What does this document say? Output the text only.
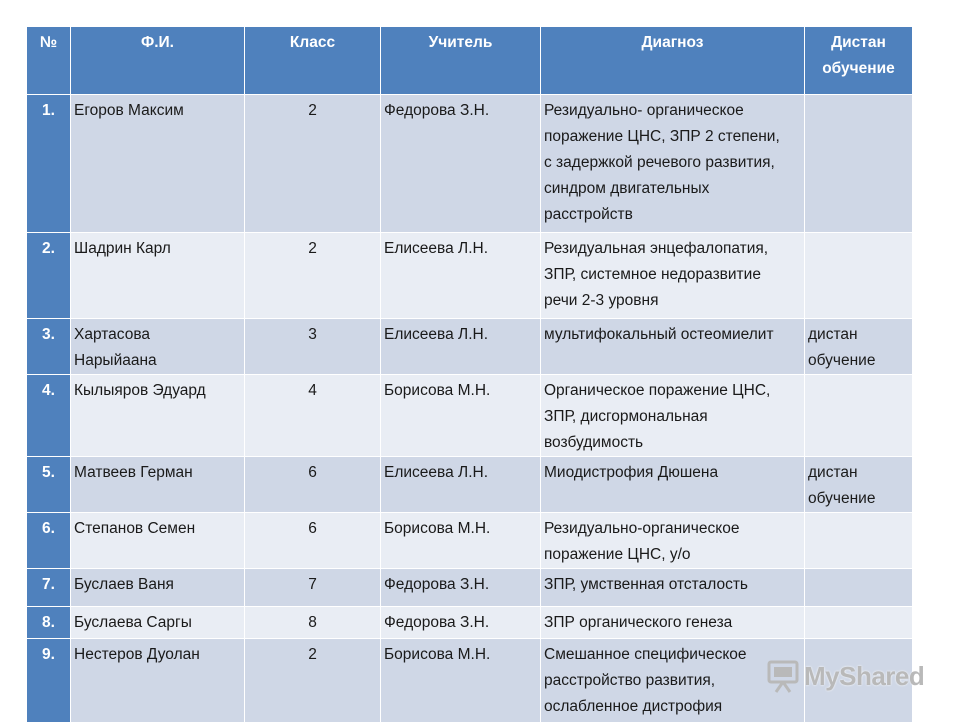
№	Ф.И.	Класс	Учитель	Диагноз	Дистан
обучение

1.	Егоров Максим	2	Федорова З.Н.	Резидуально- органическое
поражение ЦНС, ЗПР 2 степени,
с задержкой речевого развития,
синдром двигательных
расстройств	

2.	Шадрин Карл	2	Елисеева Л.Н.	Резидуальная энцефалопатия,
ЗПР, системное недоразвитие
речи 2-3 уровня	

3.	Хартасова
Нарыйаана	3	Елисеева Л.Н.	мультифокальный остеомиелит	дистан
обучение

4.	Кылыяров Эдуард	4	Борисова М.Н.	Органическое поражение ЦНС,
ЗПР, дисгормональная
возбудимость	

5.	Матвеев Герман	6	Елисеева Л.Н.	Миодистрофия Дюшена	дистан
обучение

6.	Степанов Семен	6	Борисова М.Н.	Резидуально-органическое
поражение ЦНС, у/о	

7.	Буслаев Ваня	7	Федорова З.Н.	ЗПР, умственная отсталость	

8.	Буслаева Саргы	8	Федорова З.Н.	ЗПР органического генеза	

9.	Нестеров Дуолан	2	Борисова М.Н.	Смешанное специфическое
расстройство развития,
ослабленное дистрофия	

MyShared
